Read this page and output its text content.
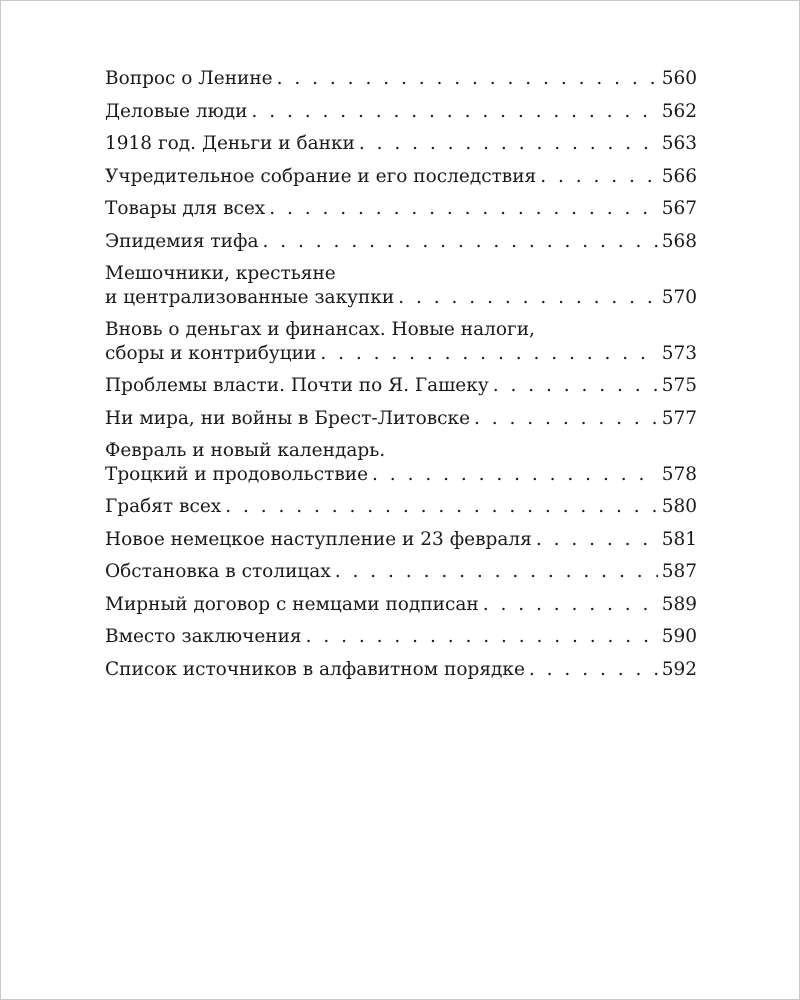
Вопрос о Ленине . . .	560
Деловые люди . . .	562
1918 год. Деньги и банки . . .	563
Учредительное собрание и его последствия . . .	566
Товары для всех . . .	567
Эпидемия тифа . . .	568
Мешочники, крестьяне
и централизованные закупки . . .	570
Вновь о деньгах и финансах. Новые налоги,
сборы и контрибуции . . .	573
Проблемы власти. Почти по Я. Гашеку . . .	575
Ни мира, ни войны в Брест-Литовске . . .	577
Февраль и новый календарь.
Троцкий и продовольствие . . .	578
Грабят всех . . .	580
Новое немецкое наступление и 23 февраля . . .	581
Обстановка в столицах . . .	587
Мирный договор с немцами подписан . . .	589
Вместо заключения . . .	590
Список источников в алфавитном порядке . . .	592
